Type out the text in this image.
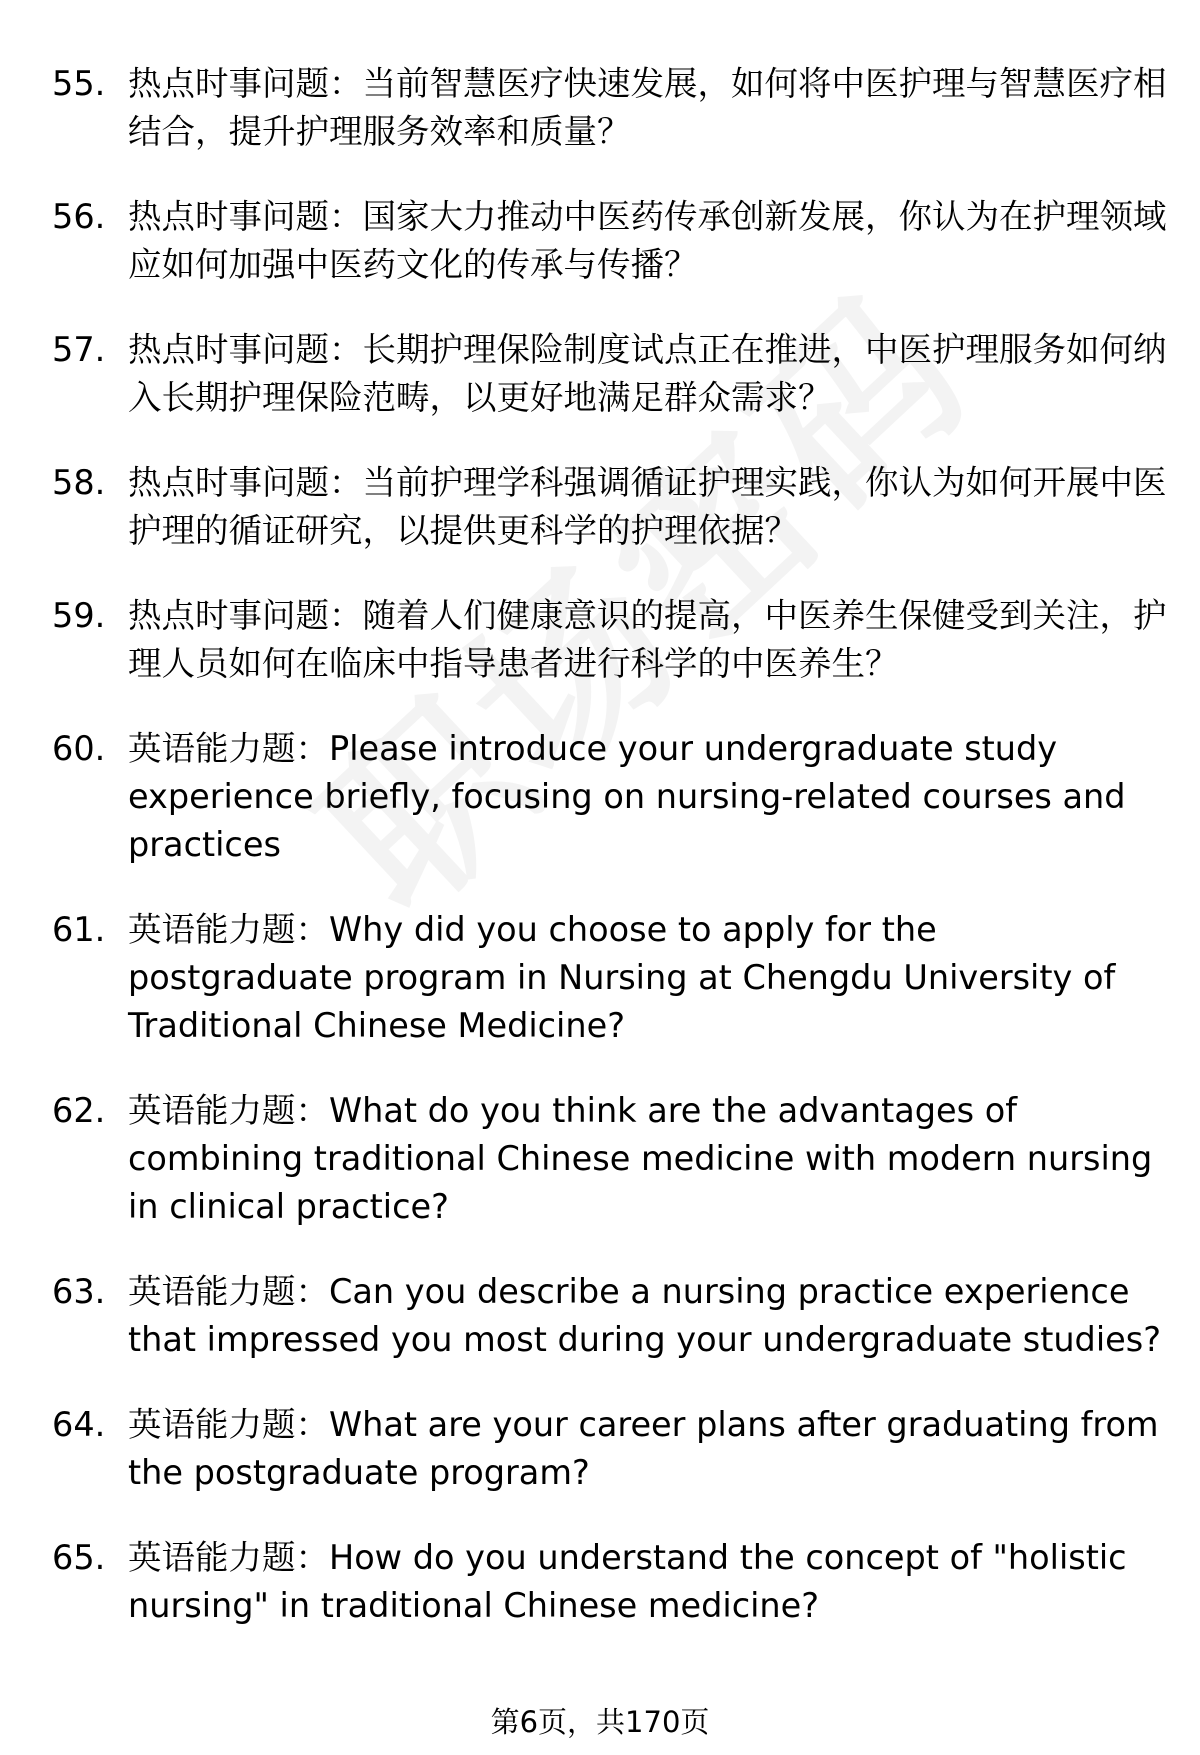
55. 热点时事问题：当前智慧医疗快速发展，如何将中医护理与智慧医疗相结合，提升护理服务效率和质量？
56. 热点时事问题：国家大力推动中医药传承创新发展，你认为在护理领域应如何加强中医药文化的传承与传播？
57. 热点时事问题：长期护理保险制度试点正在推进，中医护理服务如何纳入长期护理保险范畴，以更好地满足群众需求？
58. 热点时事问题：当前护理学科强调循证护理实践，你认为如何开展中医护理的循证研究，以提供更科学的护理依据？
59. 热点时事问题：随着人们健康意识的提高，中医养生保健受到关注，护理人员如何在临床中指导患者进行科学的中医养生？
60. 英语能力题：Please introduce your undergraduate study experience briefly, focusing on nursing-related courses and practices
61. 英语能力题：Why did you choose to apply for the postgraduate program in Nursing at Chengdu University of Traditional Chinese Medicine?
62. 英语能力题：What do you think are the advantages of combining traditional Chinese medicine with modern nursing in clinical practice?
63. 英语能力题：Can you describe a nursing practice experience that impressed you most during your undergraduate studies?
64. 英语能力题：What are your career plans after graduating from the postgraduate program?
65. 英语能力题：How do you understand the concept of "holistic nursing" in traditional Chinese medicine?
第6页，共170页
